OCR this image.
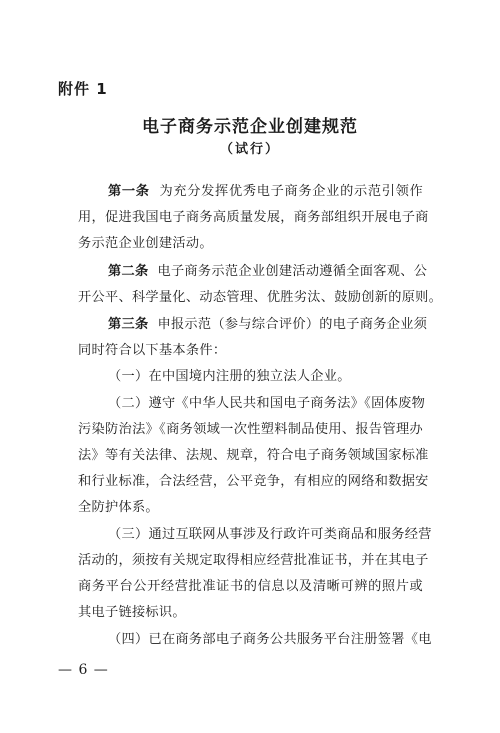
附件 1
电子商务示范企业创建规范
（试行）
第一条 为充分发挥优秀电子商务企业的示范引领作
用，促进我国电子商务高质量发展，商务部组织开展电子商
务示范企业创建活动。
第二条 电子商务示范企业创建活动遵循全面客观、公
开公平、科学量化、动态管理、优胜劣汰、鼓励创新的原则。
第三条 申报示范（参与综合评价）的电子商务企业须
同时符合以下基本条件：
（一）在中国境内注册的独立法人企业。
（二）遵守《中华人民共和国电子商务法》《固体废物
污染防治法》《商务领域一次性塑料制品使用、报告管理办
法》等有关法律、法规、规章，符合电子商务领域国家标准
和行业标准，合法经营，公平竞争，有相应的网络和数据安
全防护体系。
（三）通过互联网从事涉及行政许可类商品和服务经营
活动的，须按有关规定取得相应经营批准证书，并在其电子
商务平台公开经营批准证书的信息以及清晰可辨的照片或
其电子链接标识。
（四）已在商务部电子商务公共服务平台注册签署《电
— 6 —
